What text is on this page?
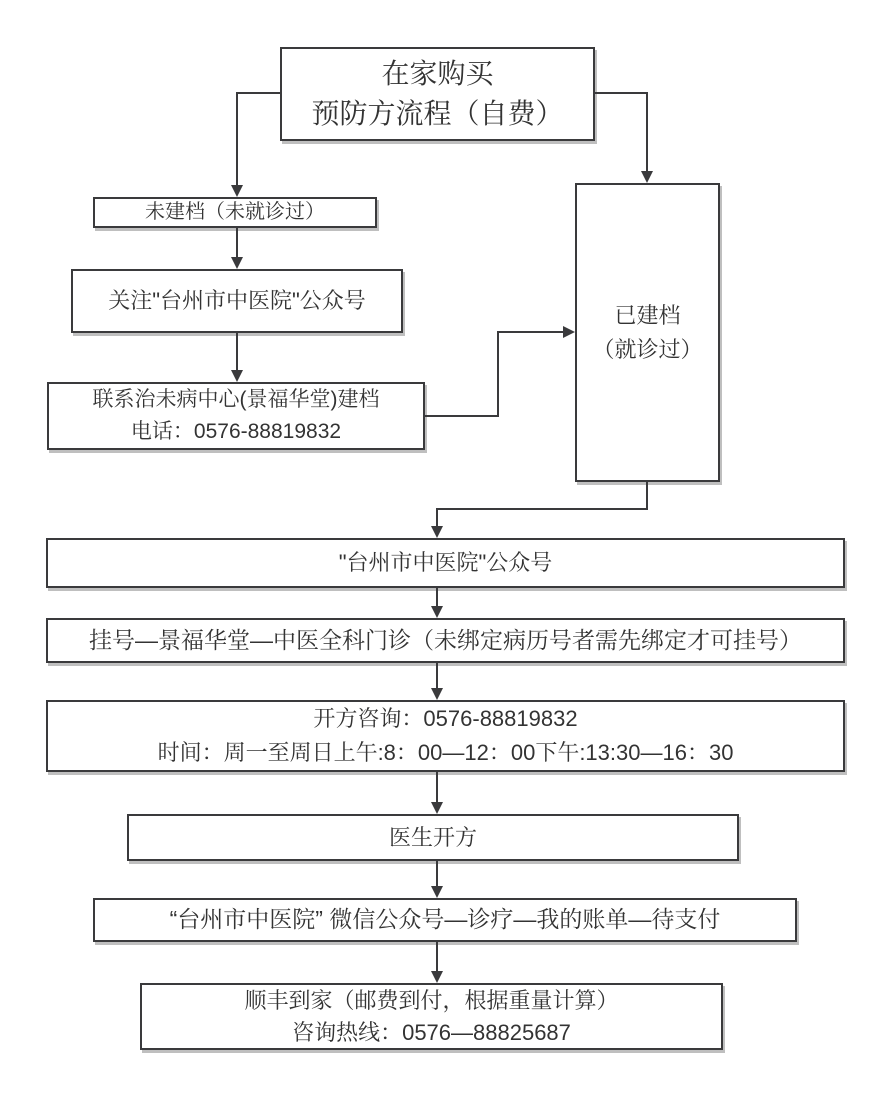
在家购买
预防方流程（自费）
未建档（未就诊过）
关注"台州市中医院"公众号
联系治未病中心(景福华堂)建档
电话：0576-88819832
已建档
（就诊过）
"台州市中医院"公众号
挂号—景福华堂—中医全科门诊（未绑定病历号者需先绑定才可挂号）
开方咨询：0576-88819832
时间：周一至周日上午:8：00—12：00下午:13:30—16：30
医生开方
“台州市中医院” 微信公众号—诊疗—我的账单—待支付
顺丰到家（邮费到付，根据重量计算）
咨询热线：0576—88825687
